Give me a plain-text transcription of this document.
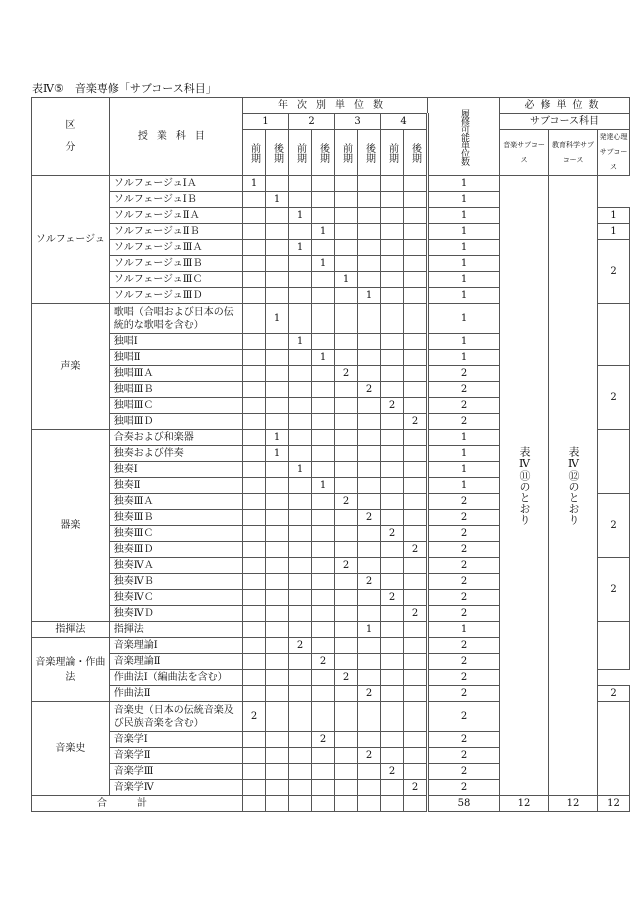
表Ⅳ⑤　音楽専修「サブコース科目」
区
分	授業科目	年次別単位数								履修可能単位数	必修単位数		
		1		2		3		4			サブコース科目		

		前期	後期	前期	後期	前期	後期	前期	後期		音楽サブコース	教育科学サブコース	発達心理サブコース

ソルフェージュ	ソルフェージュⅠＡ	1								1	表Ⅳ⑪のとおり	表Ⅳ⑫のとおり	

	ソルフェージュⅠＢ		1							1			
	ソルフェージュⅡＡ			1						1			1
	ソルフェージュⅡＢ				1					1			1
	ソルフェージュⅢＡ			1						1			2
	ソルフェージュⅢＢ				1					1			
	ソルフェージュⅢＣ					1				1			
	ソルフェージュⅢＤ						1			1			
声楽	歌唱（合唱および日本の伝統的な歌唱を含む）		1							1			
	独唱Ⅰ			1						1			
	独唱Ⅱ				1					1			
	独唱ⅢＡ					2				2			2
	独唱ⅢＢ						2			2			
	独唱ⅢＣ							2		2			
	独唱ⅢＤ								2	2			
器楽	合奏および和楽器		1							1			
	独奏および伴奏		1							1			
	独奏Ⅰ			1						1			
	独奏Ⅱ				1					1			
	独奏ⅢＡ					2				2			2
	独奏ⅢＢ						2			2			
	独奏ⅢＣ							2		2			
	独奏ⅢＤ								2	2			
	独奏ⅣＡ					2				2			2
	独奏ⅣＢ						2			2			
	独奏ⅣＣ							2		2			
	独奏ⅣＤ								2	2			
指揮法	指揮法						1			1			
音楽理論・作曲法	音楽理論Ⅰ			2						2			
	音楽理論Ⅱ				2					2			
	作曲法Ⅰ（編曲法を含む）					2				2			
	作曲法Ⅱ						2			2			2
音楽史	音楽史（日本の伝統音楽及び民族音楽を含む）	2								2			
	音楽学Ⅰ				2					2			
	音楽学Ⅱ						2			2			
	音楽学Ⅲ							2		2			
	音楽学Ⅳ								2	2			
合計										58	12	12	12
